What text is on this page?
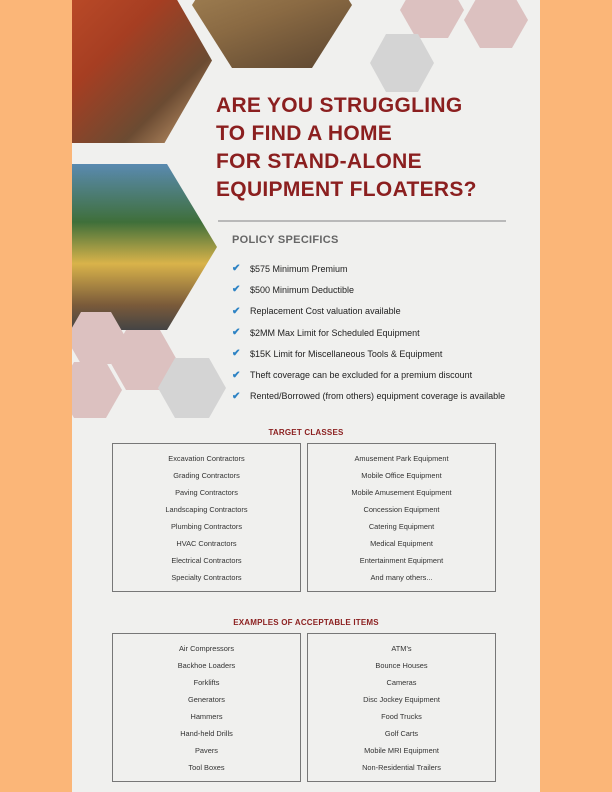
ARE YOU STRUGGLING
TO FIND A HOME
FOR STAND-ALONE
EQUIPMENT FLOATERS?
POLICY SPECIFICS
✔	$575 Minimum Premium
✔	$500 Minimum Deductible
✔	Replacement Cost valuation available
✔	$2MM Max Limit for Scheduled Equipment
✔	$15K Limit for Miscellaneous Tools & Equipment
✔	Theft coverage can be excluded for a premium discount
✔	Rented/Borrowed (from others) equipment coverage is available
TARGET CLASSES
Excavation Contractors
Grading Contractors
Paving Contractors
Landscaping Contractors
Plumbing Contractors
HVAC Contractors
Electrical Contractors
Specialty Contractors
Amusement Park Equipment
Mobile Office Equipment
Mobile Amusement Equipment
Concession Equipment
Catering Equipment
Medical Equipment
Entertainment Equipment
And many others...
EXAMPLES OF ACCEPTABLE ITEMS
Air Compressors
Backhoe Loaders
Forklifts
Generators
Hammers
Hand-held Drills
Pavers
Tool Boxes
ATM's
Bounce Houses
Cameras
Disc Jockey Equipment
Food Trucks
Golf Carts
Mobile MRI Equipment
Non-Residential Trailers
